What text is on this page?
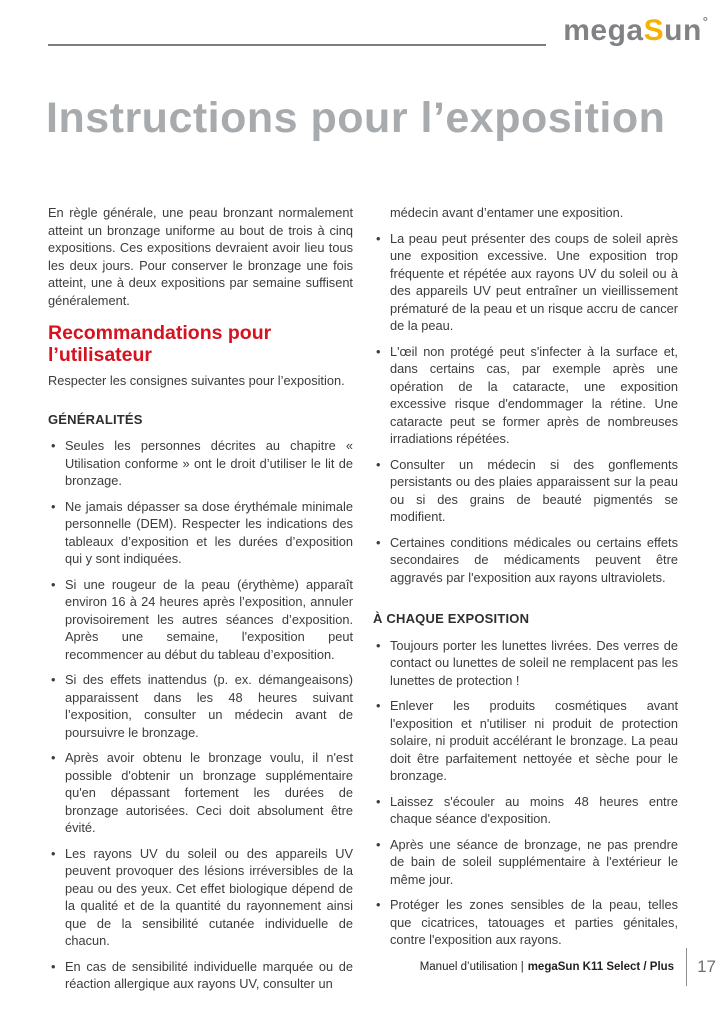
megaSun°
Instructions pour l’exposition

En règle générale, une peau bronzant normalement atteint un bronzage uniforme au bout de trois à cinq expositions. Ces expositions devraient avoir lieu tous les deux jours. Pour conserver le bronzage une fois atteint, une à deux expositions par semaine suffisent généralement.

Recommandations pour l’utilisateur

Respecter les consignes suivantes pour l’exposition.

GÉNÉRALITÉS
• Seules les personnes décrites au chapitre « Utilisation conforme » ont le droit d’utiliser le lit de bronzage.
• Ne jamais dépasser sa dose érythémale minimale personnelle (DEM). Respecter les indications des tableaux d’exposition et les durées d’exposition qui y sont indiquées.
• Si une rougeur de la peau (érythème) apparaît environ 16 à 24 heures après l’exposition, annuler provisoirement les autres séances d’exposition. Après une semaine, l'exposition peut recommencer au début du tableau d’exposition.
• Si des effets inattendus (p. ex. démangeaisons) apparaissent dans les 48 heures suivant l’exposition, consulter un médecin avant de poursuivre le bronzage.
• Après avoir obtenu le bronzage voulu, il n'est possible d'obtenir un bronzage supplémentaire qu'en dépassant fortement les durées de bronzage autorisées. Ceci doit absolument être évité.
• Les rayons UV du soleil ou des appareils UV peuvent provoquer des lésions irréversibles de la peau ou des yeux. Cet effet biologique dépend de la qualité et de la quantité du rayonnement ainsi que de la sensibilité cutanée individuelle de chacun.
• En cas de sensibilité individuelle marquée ou de réaction allergique aux rayons UV, consulter un

médecin avant d’entamer une exposition.

• La peau peut présenter des coups de soleil après une exposition excessive. Une exposition trop fréquente et répétée aux rayons UV du soleil ou à des appareils UV peut entraîner un vieillissement prématuré de la peau et un risque accru de cancer de la peau.
• L'œil non protégé peut s'infecter à la surface et, dans certains cas, par exemple après une opération de la cataracte, une exposition excessive risque d'endommager la rétine. Une cataracte peut se former après de nombreuses irradiations répétées.
• Consulter un médecin si des gonflements persistants ou des plaies apparaissent sur la peau ou si des grains de beauté pigmentés se modifient.
• Certaines conditions médicales ou certains effets secondaires de médicaments peuvent être aggravés par l'exposition aux rayons ultraviolets.
À CHAQUE EXPOSITION
• Toujours porter les lunettes livrées. Des verres de contact ou lunettes de soleil ne remplacent pas les lunettes de protection !
• Enlever les produits cosmétiques avant l'exposition et n'utiliser ni produit de protection solaire, ni produit accélérant le bronzage. La peau doit être parfaitement nettoyée et sèche pour le bronzage.
• Laissez s'écouler au moins 48 heures entre chaque séance d'exposition.
• Après une séance de bronzage, ne pas prendre de bain de soleil supplémentaire à l'extérieur le même jour.
• Protéger les zones sensibles de la peau, telles que cicatrices, tatouages et parties génitales, contre l'exposition aux rayons.
Manuel d’utilisation | megaSun K11 Select / Plus 17
